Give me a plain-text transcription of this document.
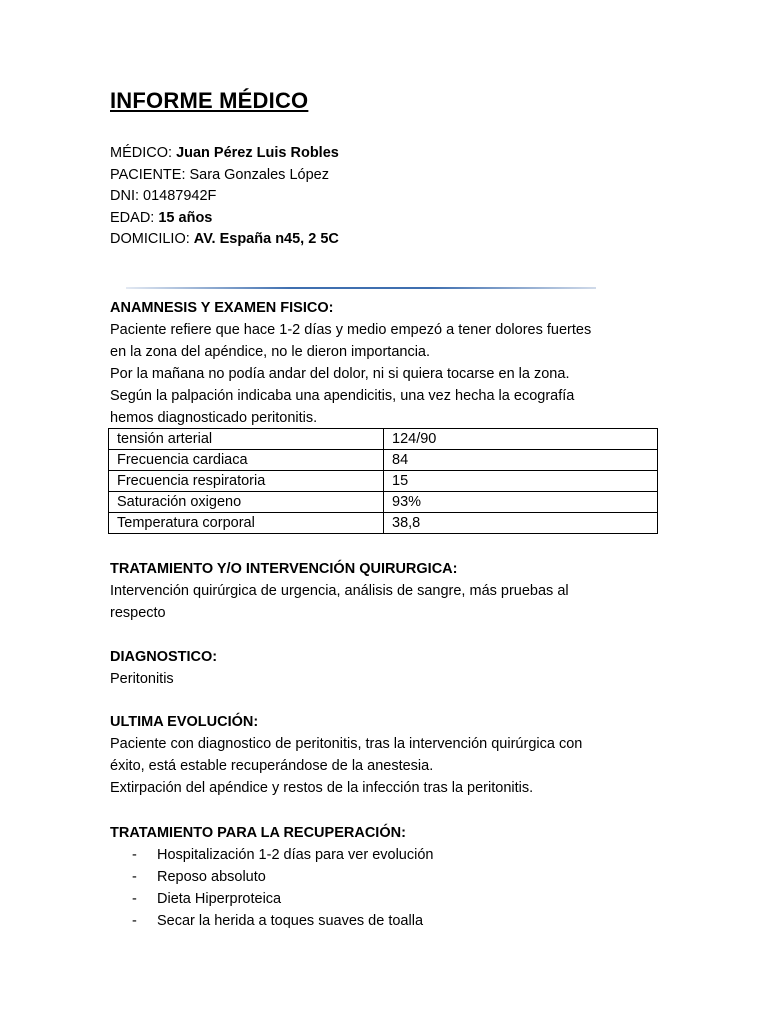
INFORME MÉDICO
MÉDICO: Juan Pérez Luis Robles
PACIENTE: Sara Gonzales López
DNI: 01487942F
EDAD: 15 años
DOMICILIO: AV. España n45, 2 5C
ANAMNESIS Y EXAMEN FISICO:

Paciente refiere que hace 1-2 días y medio empezó a tener dolores fuertes

en la zona del apéndice, no le dieron importancia.

Por la mañana no podía andar del dolor, ni si quiera tocarse en la zona.

Según la palpación indicaba una apendicitis, una vez hecha la ecografía

hemos diagnosticado peritonitis.

tensión arterial	124/90
Frecuencia cardiaca	84
Frecuencia respiratoria	15
Saturación oxigeno	93%
Temperatura corporal	38,8
TRATAMIENTO Y/O INTERVENCIÓN QUIRURGICA:

Intervención quirúrgica de urgencia, análisis de sangre, más pruebas al

respecto

DIAGNOSTICO:

Peritonitis

ULTIMA EVOLUCIÓN:

Paciente con diagnostico de peritonitis, tras la intervención quirúrgica con

éxito, está estable recuperándose de la anestesia.

Extirpación del apéndice y restos de la infección tras la peritonitis.

TRATAMIENTO PARA LA RECUPERACIÓN:
- Hospitalización 1-2 días para ver evolución
- Reposo absoluto
- Dieta Hiperproteica
- Secar la herida a toques suaves de toalla
